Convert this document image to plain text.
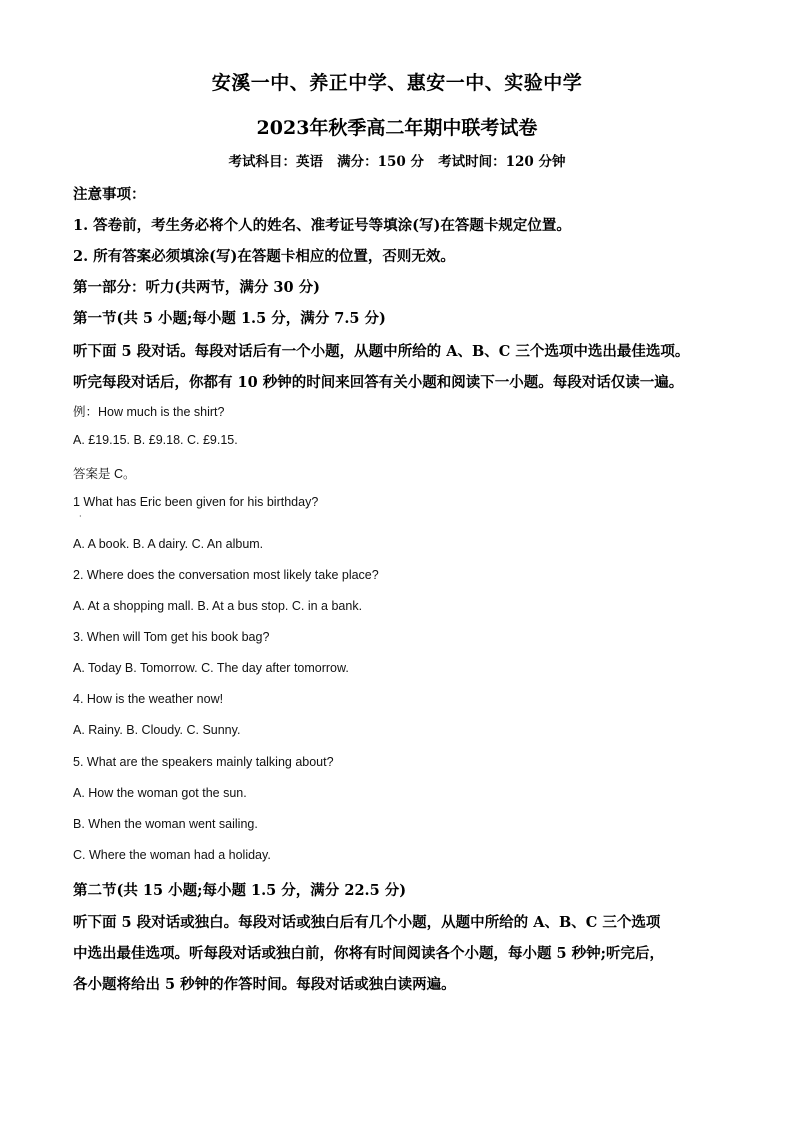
安溪一中、养正中学、惠安一中、实验中学
2023年秋季高二年期中联考试卷
考试科目：英语   满分：150 分   考试时间：120 分钟
注意事项：
1. 答卷前，考生务必将个人的姓名、准考证号等填涂(写)在答题卡规定位置。
2. 所有答案必须填涂(写)在答题卡相应的位置，否则无效。
第一部分：听力(共两节，满分 30 分)
第一节(共 5 小题;每小题 1.5 分，满分 7.5 分)
听下面 5 段对话。每段对话后有一个小题，从题中所给的 A、B、C 三个选项中选出最佳选项。
听完每段对话后，你都有 10 秒钟的时间来回答有关小题和阅读下一小题。每段对话仅读一遍。
例：How much is the shirt?
A. £19.15. B. £9.18. C. £9.15.
答案是 C。
1 What has Eric been given for his birthday?
·
A. A book. B. A dairy. C. An album.
2. Where does the conversation most likely take place?
A. At a shopping mall. B. At a bus stop. C. in a bank.
3. When will Tom get his book bag?
A. Today B. Tomorrow. C. The day after tomorrow.
4. How is the weather now!
A. Rainy. B. Cloudy. C. Sunny.
5. What are the speakers mainly talking about?
A. How the woman got the sun.
B. When the woman went sailing.
C. Where the woman had a holiday.
第二节(共 15 小题;每小题 1.5 分，满分 22.5 分)
听下面 5 段对话或独白。每段对话或独白后有几个小题，从题中所给的 A、B、C 三个选项
中选出最佳选项。听每段对话或独白前，你将有时间阅读各个小题，每小题 5 秒钟;听完后，
各小题将给出 5 秒钟的作答时间。每段对话或独白读两遍。
